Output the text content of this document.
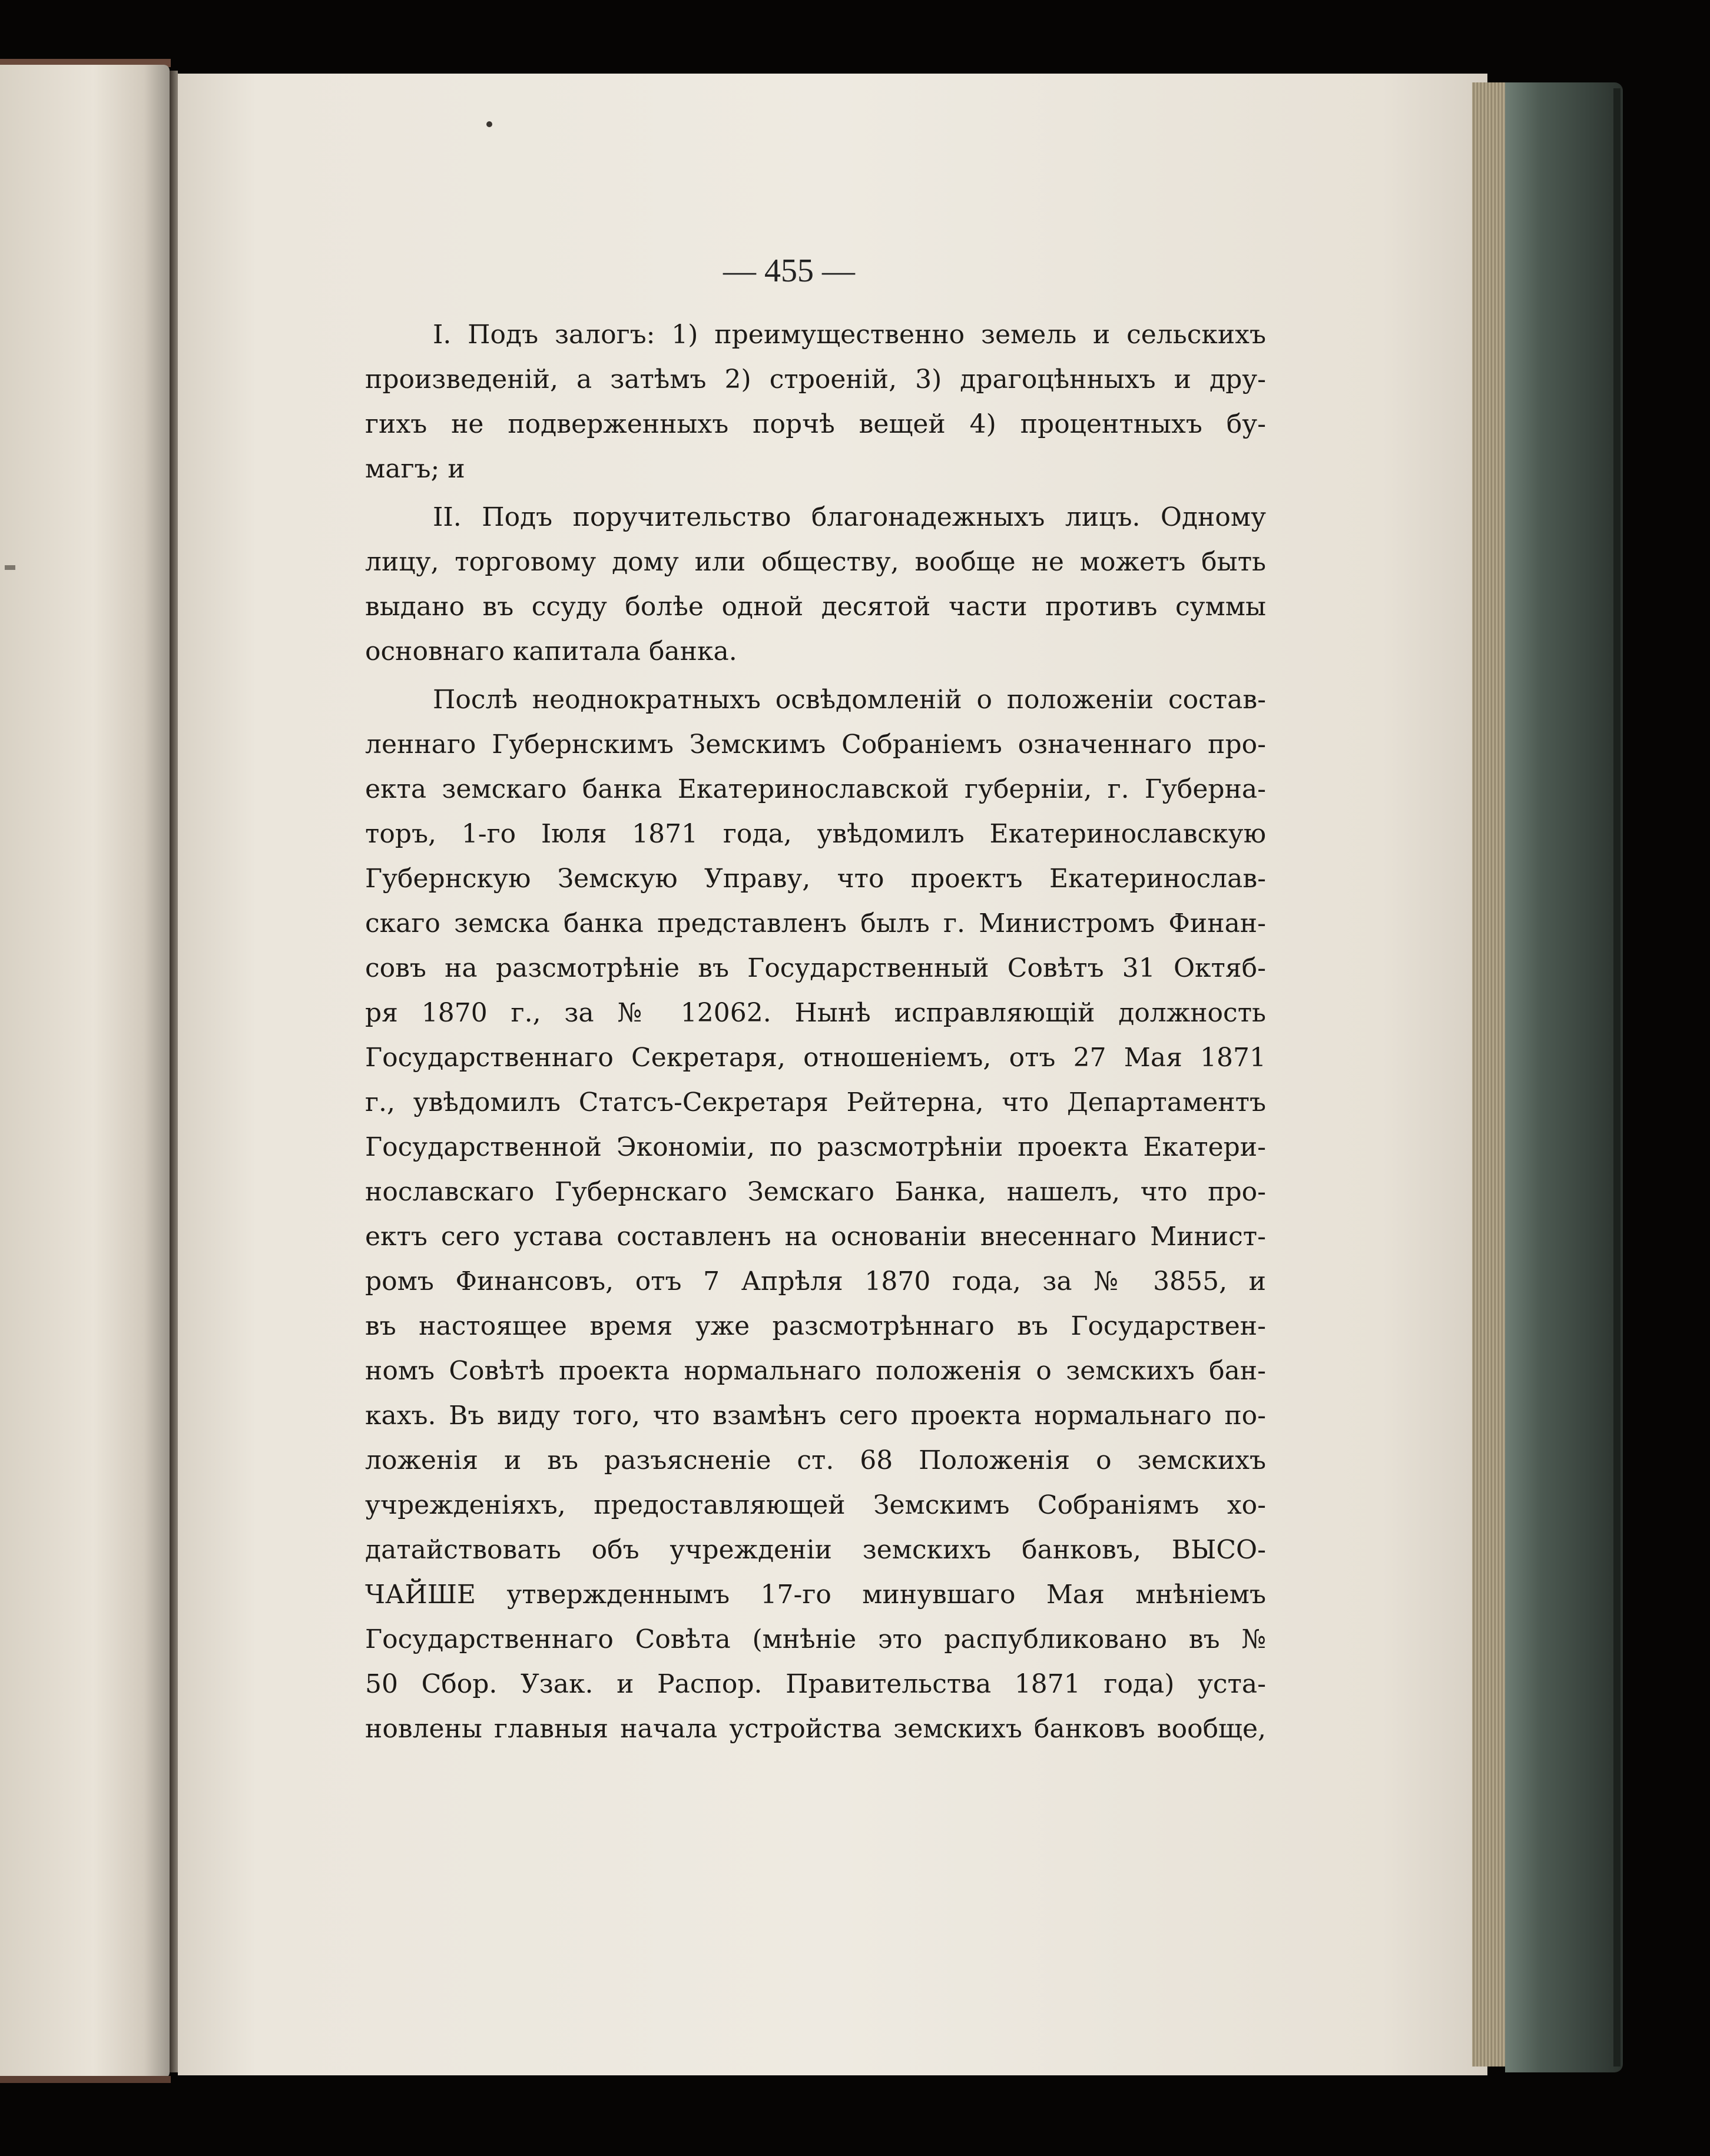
— 455 —
I. Подъ залогъ: 1) преимущественно земель и сельскихъ
произведеній, а затѣмъ 2) строеній, 3) драгоцѣнныхъ и дру-
гихъ не подверженныхъ порчѣ вещей 4) процентныхъ бу-
магъ; и
II. Подъ поручительство благонадежныхъ лицъ. Одному
лицу, торговому дому или обществу, вообще не можетъ быть
выдано въ ссуду болѣе одной десятой части противъ суммы
основнаго капитала банка.
Послѣ неоднократныхъ освѣдомленій о положеніи состав-
леннаго Губернскимъ Земскимъ Собраніемъ означеннаго про-
екта земскаго банка Екатеринославской губерніи, г. Губерна-
торъ, 1-го Іюля 1871 года, увѣдомилъ Екатеринославскую
Губернскую Земскую Управу, что проектъ Екатеринослав-
скаго земска банка представленъ былъ г. Министромъ Финан-
совъ на разсмотрѣніе въ Государственный Совѣтъ 31 Октяб-
ря 1870 г., за № 12062. Нынѣ исправляющій должность
Государственнаго Секретаря, отношеніемъ, отъ 27 Мая 1871
г., увѣдомилъ Статсъ-Секретаря Рейтерна, что Департаментъ
Государственной Экономіи, по разсмотрѣніи проекта Екатери-
нославскаго Губернскаго Земскаго Банка, нашелъ, что про-
ектъ сего устава составленъ на основаніи внесеннаго Минист-
ромъ Финансовъ, отъ 7 Апрѣля 1870 года, за № 3855, и
въ настоящее время уже разсмотрѣннаго въ Государствен-
номъ Совѣтѣ проекта нормальнаго положенія о земскихъ бан-
кахъ. Въ виду того, что взамѣнъ сего проекта нормальнаго по-
ложенія и въ разъясненіе ст. 68 Положенія о земскихъ
учрежденіяхъ, предоставляющей Земскимъ Собраніямъ хо-
датайствовать объ учрежденіи земскихъ банковъ, ВЫСО-
ЧАЙШЕ утвержденнымъ 17-го минувшаго Мая мнѣніемъ
Государственнаго Совѣта (мнѣніе это распубликовано въ №
50 Сбор. Узак. и Распор. Правительства 1871 года) уста-
новлены главныя начала устройства земскихъ банковъ вообще,
